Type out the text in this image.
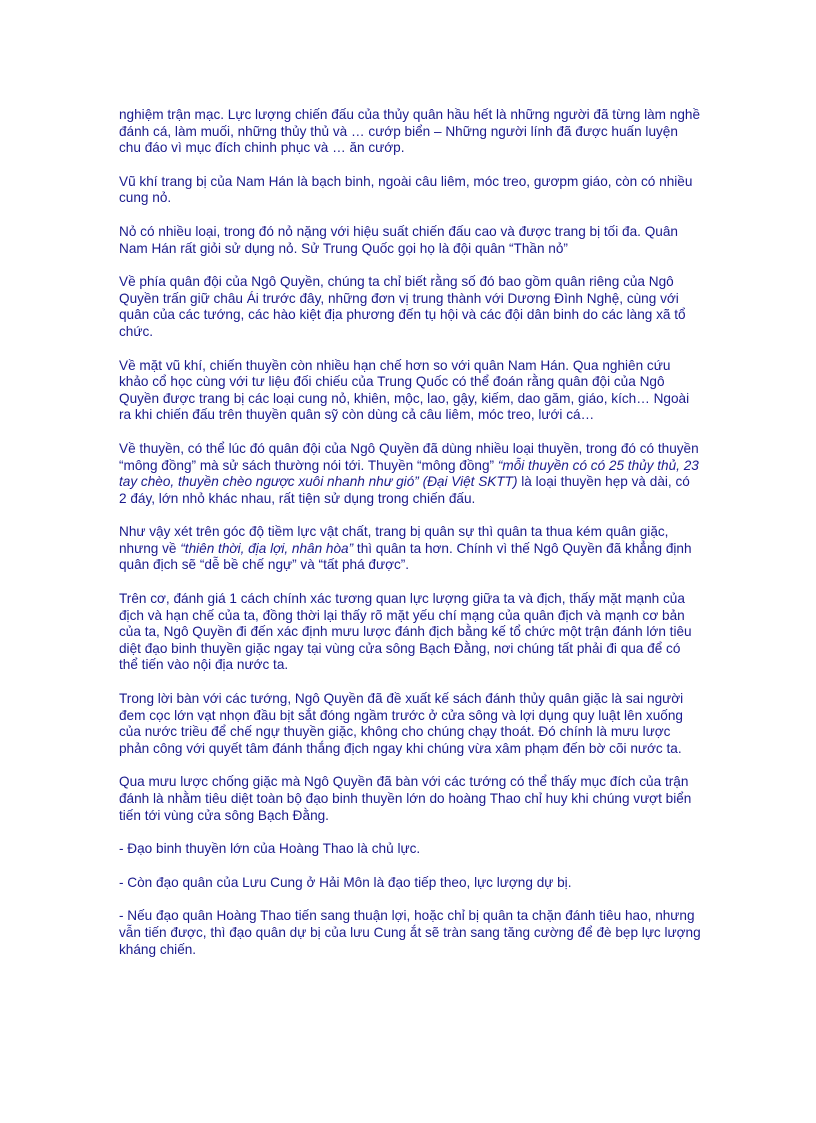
nghiệm trận mạc. Lực lượng chiến đấu của thủy quân hầu hết là những người đã từng làm nghề đánh cá, làm muối, những thủy thủ và … cướp biển – Những người lính đã được huấn luyện chu đáo vì mục đích chinh phục và … ăn cướp.

Vũ khí trang bị của Nam Hán là bạch binh, ngoài câu liêm, móc treo, gươpm giáo, còn có nhiều cung nỏ.

Nỏ có nhiều loại, trong đó nỏ nặng với hiệu suất chiến đấu cao và được trang bị tối đa. Quân Nam Hán rất giỏi sử dụng nỏ. Sử Trung Quốc gọi họ là đội quân “Thần nỏ”

Về phía quân đội của Ngô Quyền, chúng ta chỉ biết rằng số đó bao gồm quân riêng của Ngô Quyền trấn giữ châu Ái trước đây, những đơn vị trung thành với Dương Đình Nghệ, cùng với quân của các tướng, các hào kiệt địa phương đến tụ hội và các đội dân binh do các làng xã tổ chức.

Về mặt vũ khí, chiến thuyền còn nhiều hạn chế hơn so với quân Nam Hán. Qua nghiên cứu khảo cổ học cùng với tư liệu đối chiếu của Trung Quốc có thể đoán rằng quân đội của Ngô Quyền được trang bị các loại cung nỏ, khiên, mộc, lao, gậy, kiếm, dao găm, giáo, kích… Ngoài ra khi chiến đấu trên thuyền quân sỹ còn dùng cả câu liêm, móc treo, lưới cá…

Về thuyền, có thể lúc đó quân đội của Ngô Quyền đã dùng nhiều loại thuyền, trong đó có thuyền “mông đồng” mà sử sách thường nói tới. Thuyền “mông đồng” “mỗi thuyền có có 25 thủy thủ, 23 tay chèo, thuyền chèo ngược xuôi nhanh như gió” (Đại Việt SKTT) là loại thuyền hẹp và dài, có 2 đáy, lớn nhỏ khác nhau, rất tiện sử dụng trong chiến đấu.

Như vậy xét trên góc độ tiềm lực vật chất, trang bị quân sự thì quân ta thua kém quân giặc, nhưng về “thiên thời, địa lợi, nhân hòa” thì quân ta hơn. Chính vì thế Ngô Quyền đã khẳng định quân địch sẽ “dễ bề chế ngự” và “tất phá được”.

Trên cơ, đánh giá 1 cách chính xác tương quan lực lượng giữa ta và địch, thấy mặt mạnh của địch và hạn chế của ta, đồng thời lại thấy rõ mặt yếu chí mạng của quân địch và mạnh cơ bản của ta, Ngô Quyền đi đến xác định mưu lược đánh địch bằng kế tổ chức một trận đánh lớn tiêu diệt đạo binh thuyền giặc ngay tại vùng cửa sông Bạch Đằng, nơi chúng tất phải đi qua để có thể tiến vào nội địa nước ta.

Trong lời bàn với các tướng, Ngô Quyền đã đề xuất kế sách đánh thủy quân giặc là sai người đem cọc lớn vạt nhọn đầu bịt sắt đóng ngầm trước ở cửa sông và lợi dụng quy luật lên xuống của nước triều để chế ngự thuyền giặc, không cho chúng chạy thoát. Đó chính là mưu lược phản công với quyết tâm đánh thắng địch ngay khi chúng vừa xâm phạm đến bờ cõi nước ta.

Qua mưu lược chống giặc mà Ngô Quyền đã bàn với các tướng có thể thấy mục đích của trận đánh là nhằm tiêu diệt toàn bộ đạo binh thuyền lớn do hoàng Thao chỉ huy khi chúng vượt biển tiến tới vùng cửa sông Bạch Đằng.

- Đạo binh thuyền lớn của Hoàng Thao là chủ lực.

- Còn đạo quân của Lưu Cung ở Hải Môn là đạo tiếp theo, lực lượng dự bị.

- Nếu đạo quân Hoàng Thao tiến sang thuận lợi, hoặc chỉ bị quân ta chặn đánh tiêu hao, nhưng vẫn tiến được, thì đạo quân dự bị của lưu Cung ắt sẽ tràn sang tăng cường để đè bẹp lực lượng kháng chiến.
